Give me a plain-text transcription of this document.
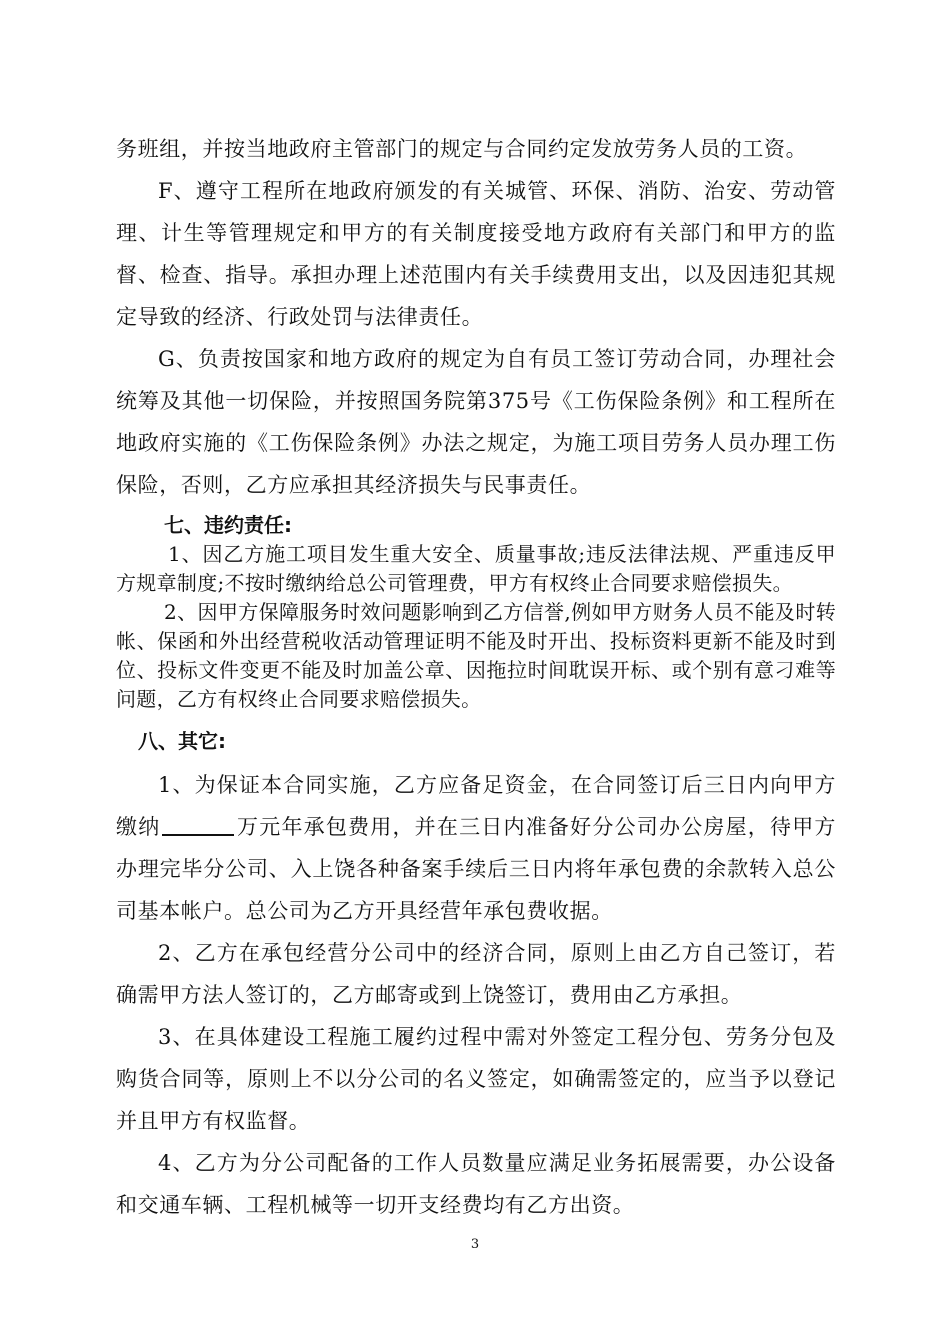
务班组，并按当地政府主管部门的规定与合同约定发放劳务人员的工资。

F、遵守工程所在地政府颁发的有关城管、环保、消防、治安、劳动管理、计生等管理规定和甲方的有关制度接受地方政府有关部门和甲方的监督、检查、指导。承担办理上述范围内有关手续费用支出，以及因违犯其规定导致的经济、行政处罚与法律责任。

G、负责按国家和地方政府的规定为自有员工签订劳动合同，办理社会统筹及其他一切保险，并按照国务院第375号《工伤保险条例》和工程所在地政府实施的《工伤保险条例》办法之规定，为施工项目劳务人员办理工伤保险，否则，乙方应承担其经济损失与民事责任。

七、违约责任:

1、因乙方施工项目发生重大安全、质量事故;违反法律法规、严重违反甲方规章制度;不按时缴纳给总公司管理费，甲方有权终止合同要求赔偿损失。

2、因甲方保障服务时效问题影响到乙方信誉,例如甲方财务人员不能及时转帐、保函和外出经营税收活动管理证明不能及时开出、投标资料更新不能及时到位、投标文件变更不能及时加盖公章、因拖拉时间耽误开标、或个别有意刁难等问题，乙方有权终止合同要求赔偿损失。

八、其它:

1、为保证本合同实施，乙方应备足资金，在合同签订后三日内向甲方缴纳	万元年承包费用，并在三日内准备好分公司办公房屋，待甲方办理完毕分公司、入上饶各种备案手续后三日内将年承包费的余款转入总公司基本帐户。总公司为乙方开具经营年承包费收据。

2、乙方在承包经营分公司中的经济合同，原则上由乙方自己签订，若确需甲方法人签订的，乙方邮寄或到上饶签订，费用由乙方承担。

3、在具体建设工程施工履约过程中需对外签定工程分包、劳务分包及购货合同等，原则上不以分公司的名义签定，如确需签定的，应当予以登记并且甲方有权监督。

4、乙方为分公司配备的工作人员数量应满足业务拓展需要，办公设备和交通车辆、工程机械等一切开支经费均有乙方出资。

3
